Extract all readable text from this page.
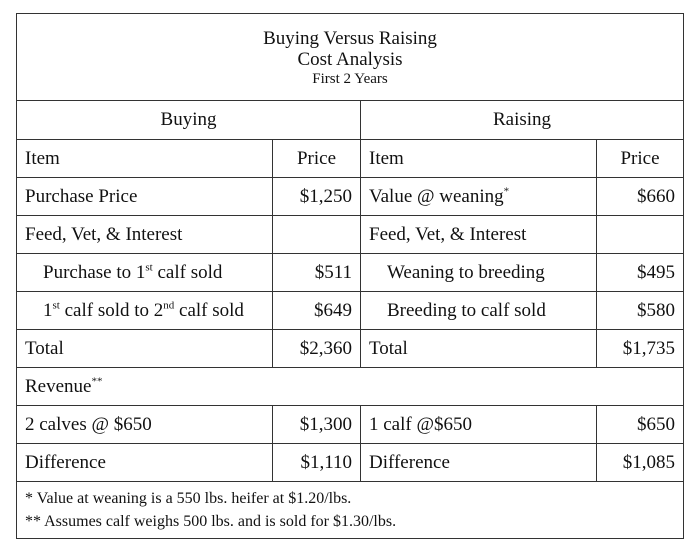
Buying Versus Raising
Cost Analysis
First 2 Years			

Buying		Raising	
Item	Price	Item	Price
Purchase Price	$1,250	Value @ weaning*	$660
Feed, Vet, & Interest		Feed, Vet, & Interest	
Purchase to 1st calf sold	$511	Weaning to breeding	$495
1st calf sold to 2nd calf sold	$649	Breeding to calf sold	$580
Total	$2,360	Total	$1,735
Revenue**
2 calves @ $650	$1,300	1 calf @$650	$650
Difference	$1,110	Difference	$1,085

* Value at weaning is a 550 lbs. heifer at $1.20/lbs.
** Assumes calf weighs 500 lbs. and is sold for $1.30/lbs.			
